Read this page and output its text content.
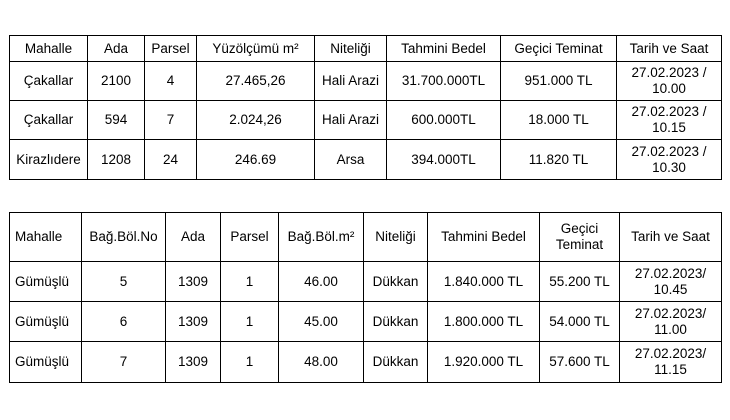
Mahalle	Ada	Parsel	Yüzölçümü m²	Niteliği	Tahmini Bedel	Geçici Teminat	Tarih ve Saat
Çakallar	2100	4	27.465,26	Hali Arazi	31.700.000TL	951.000 TL	27.02.2023 / 10.00
Çakallar	594	7	2.024,26	Hali Arazi	600.000TL	18.000 TL	27.02.2023 / 10.15
Kirazlıdere	1208	24	246.69	Arsa	394.000TL	11.820 TL	27.02.2023 / 10.30
Mahalle	Bağ.Böl.No	Ada	Parsel	Bağ.Böl.m²	Niteliği	Tahmini Bedel	Geçici Teminat	Tarih ve Saat
Gümüşlü	5	1309	1	46.00	Dükkan	1.840.000 TL	55.200 TL	27.02.2023/ 10.45
Gümüşlü	6	1309	1	45.00	Dükkan	1.800.000 TL	54.000 TL	27.02.2023/ 11.00
Gümüşlü	7	1309	1	48.00	Dükkan	1.920.000 TL	57.600 TL	27.02.2023/ 11.15
